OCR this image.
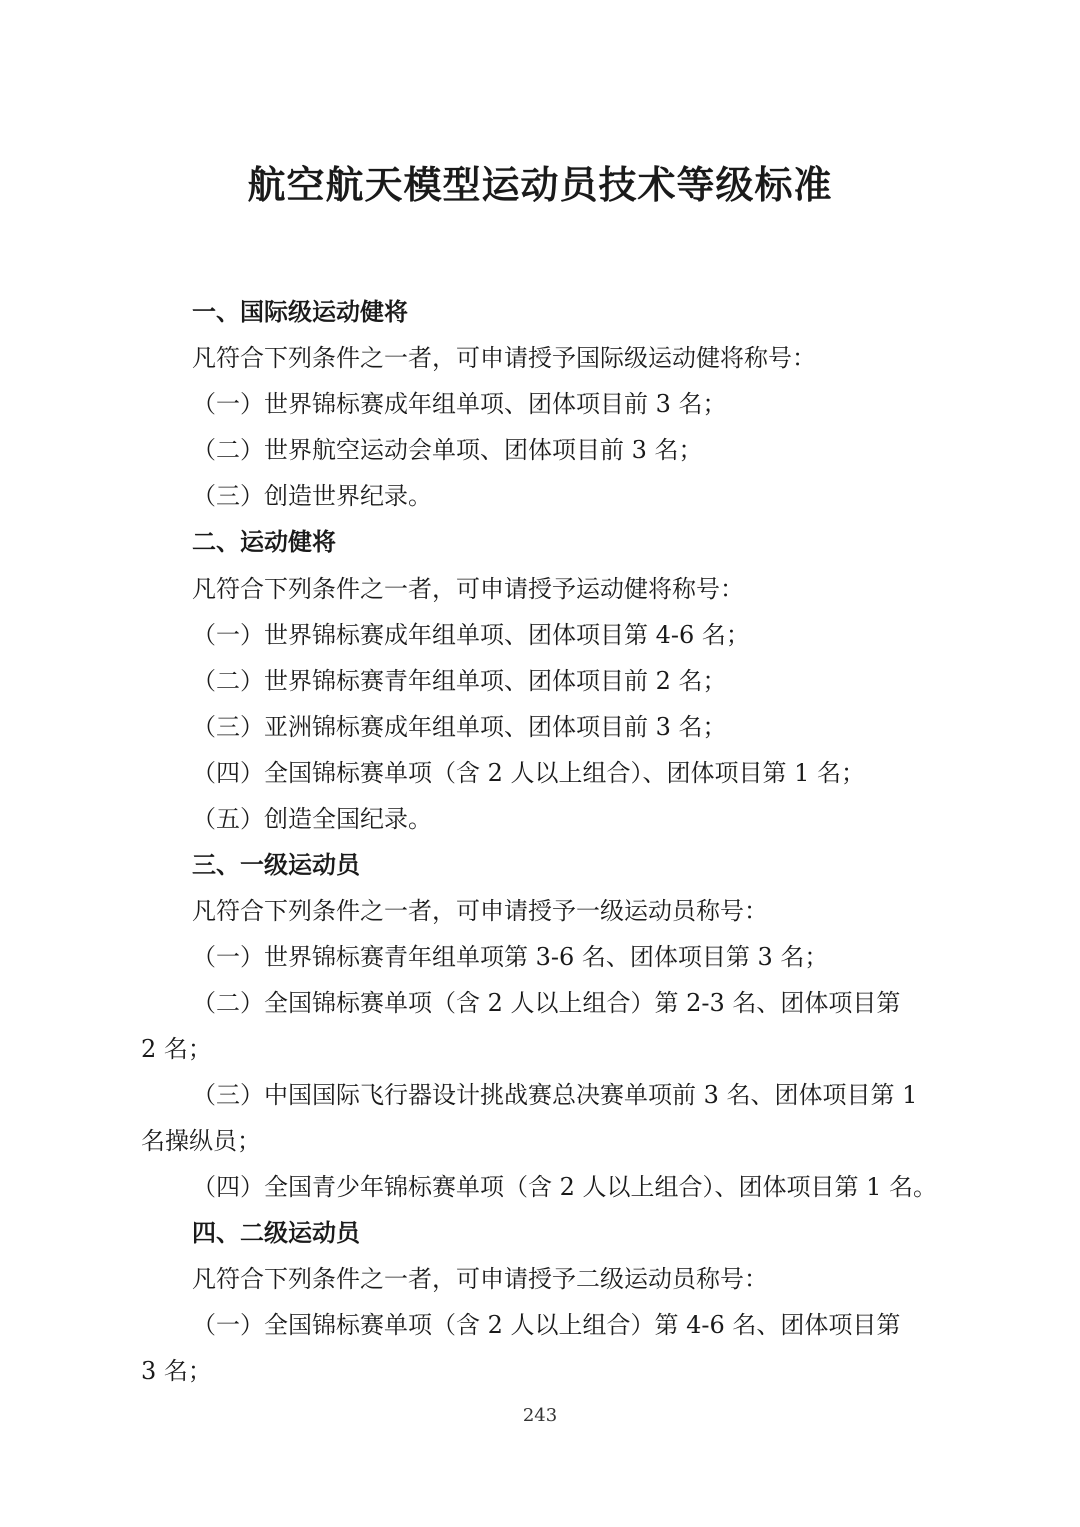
航空航天模型运动员技术等级标准
一、国际级运动健将
凡符合下列条件之一者，可申请授予国际级运动健将称号：
（一）世界锦标赛成年组单项、团体项目前 3 名；
（二）世界航空运动会单项、团体项目前 3 名；
（三）创造世界纪录。
二、运动健将
凡符合下列条件之一者，可申请授予运动健将称号：
（一）世界锦标赛成年组单项、团体项目第 4-6 名；
（二）世界锦标赛青年组单项、团体项目前 2 名；
（三）亚洲锦标赛成年组单项、团体项目前 3 名；
（四）全国锦标赛单项（含 2 人以上组合）、团体项目第 1 名；
（五）创造全国纪录。
三、一级运动员
凡符合下列条件之一者，可申请授予一级运动员称号：
（一）世界锦标赛青年组单项第 3-6 名、团体项目第 3 名；
（二）全国锦标赛单项（含 2 人以上组合）第 2-3 名、团体项目第
2 名；
（三）中国国际飞行器设计挑战赛总决赛单项前 3 名、团体项目第 1
名操纵员；
（四）全国青少年锦标赛单项（含 2 人以上组合）、团体项目第 1 名。
四、二级运动员
凡符合下列条件之一者，可申请授予二级运动员称号：
（一）全国锦标赛单项（含 2 人以上组合）第 4-6 名、团体项目第
3 名；
243
